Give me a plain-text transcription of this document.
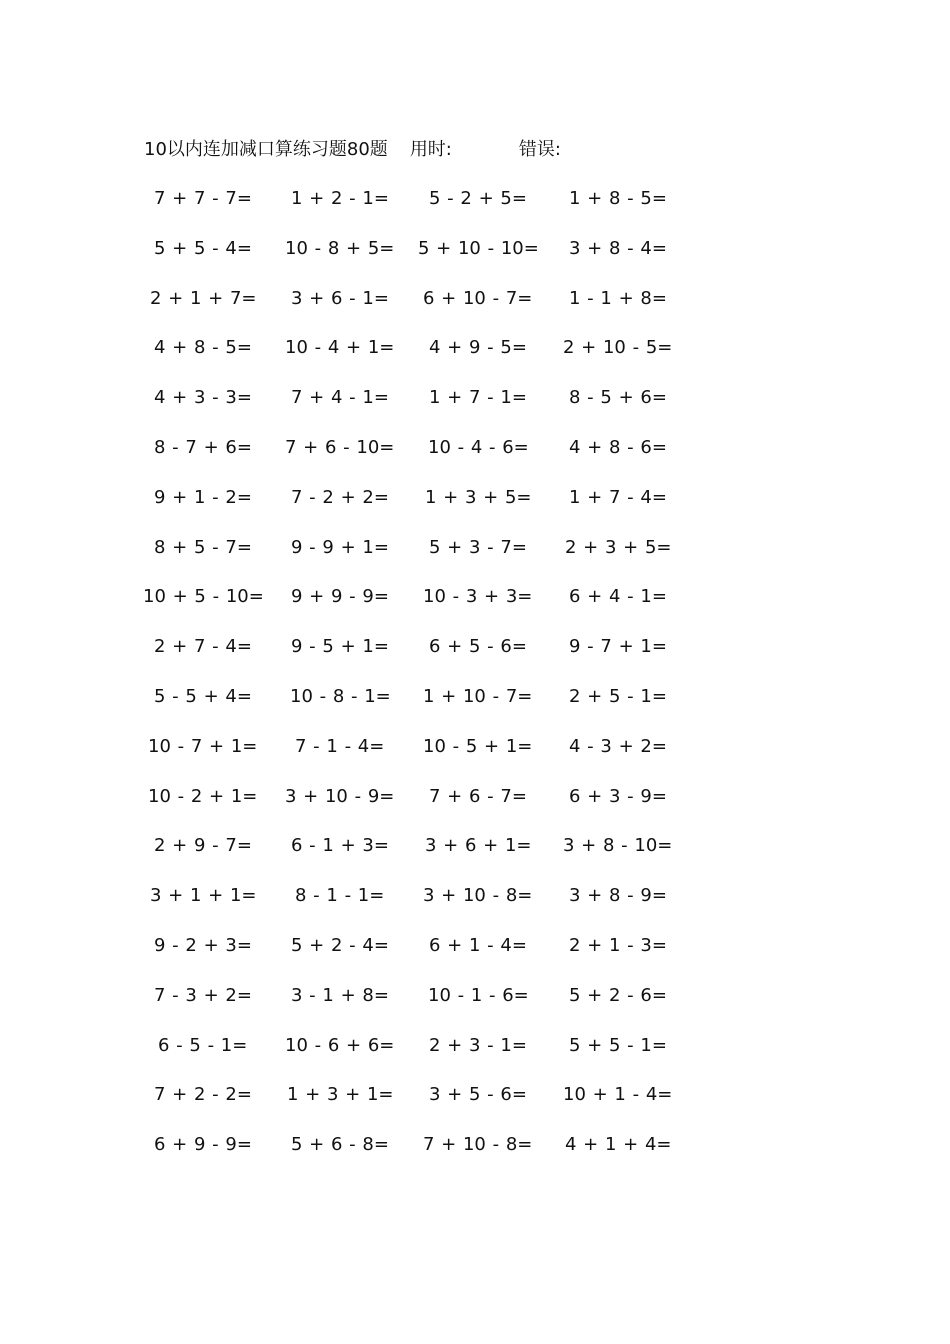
10以内连加减口算练习题80题 用时:	错误:
7 + 7 - 7= 1 + 2 - 1= 5 - 2 + 5= 1 + 8 - 5=
5 + 5 - 4= 10 - 8 + 5= 5 + 10 - 10= 3 + 8 - 4=
2 + 1 + 7= 3 + 6 - 1= 6 + 10 - 7= 1 - 1 + 8=
4 + 8 - 5= 10 - 4 + 1= 4 + 9 - 5= 2 + 10 - 5=
4 + 3 - 3= 7 + 4 - 1= 1 + 7 - 1= 8 - 5 + 6=
8 - 7 + 6= 7 + 6 - 10= 10 - 4 - 6= 4 + 8 - 6=
9 + 1 - 2= 7 - 2 + 2= 1 + 3 + 5= 1 + 7 - 4=
8 + 5 - 7= 9 - 9 + 1= 5 + 3 - 7= 2 + 3 + 5=
10 + 5 - 10= 9 + 9 - 9= 10 - 3 + 3= 6 + 4 - 1=
2 + 7 - 4= 9 - 5 + 1= 6 + 5 - 6= 9 - 7 + 1=
5 - 5 + 4= 10 - 8 - 1= 1 + 10 - 7= 2 + 5 - 1=
10 - 7 + 1= 7 - 1 - 4= 10 - 5 + 1= 4 - 3 + 2=
10 - 2 + 1= 3 + 10 - 9= 7 + 6 - 7= 6 + 3 - 9=
2 + 9 - 7= 6 - 1 + 3= 3 + 6 + 1= 3 + 8 - 10=
3 + 1 + 1= 8 - 1 - 1= 3 + 10 - 8= 3 + 8 - 9=
9 - 2 + 3= 5 + 2 - 4= 6 + 1 - 4= 2 + 1 - 3=
7 - 3 + 2= 3 - 1 + 8= 10 - 1 - 6= 5 + 2 - 6=
6 - 5 - 1= 10 - 6 + 6= 2 + 3 - 1= 5 + 5 - 1=
7 + 2 - 2= 1 + 3 + 1= 3 + 5 - 6= 10 + 1 - 4=
6 + 9 - 9= 5 + 6 - 8= 7 + 10 - 8= 4 + 1 + 4=
